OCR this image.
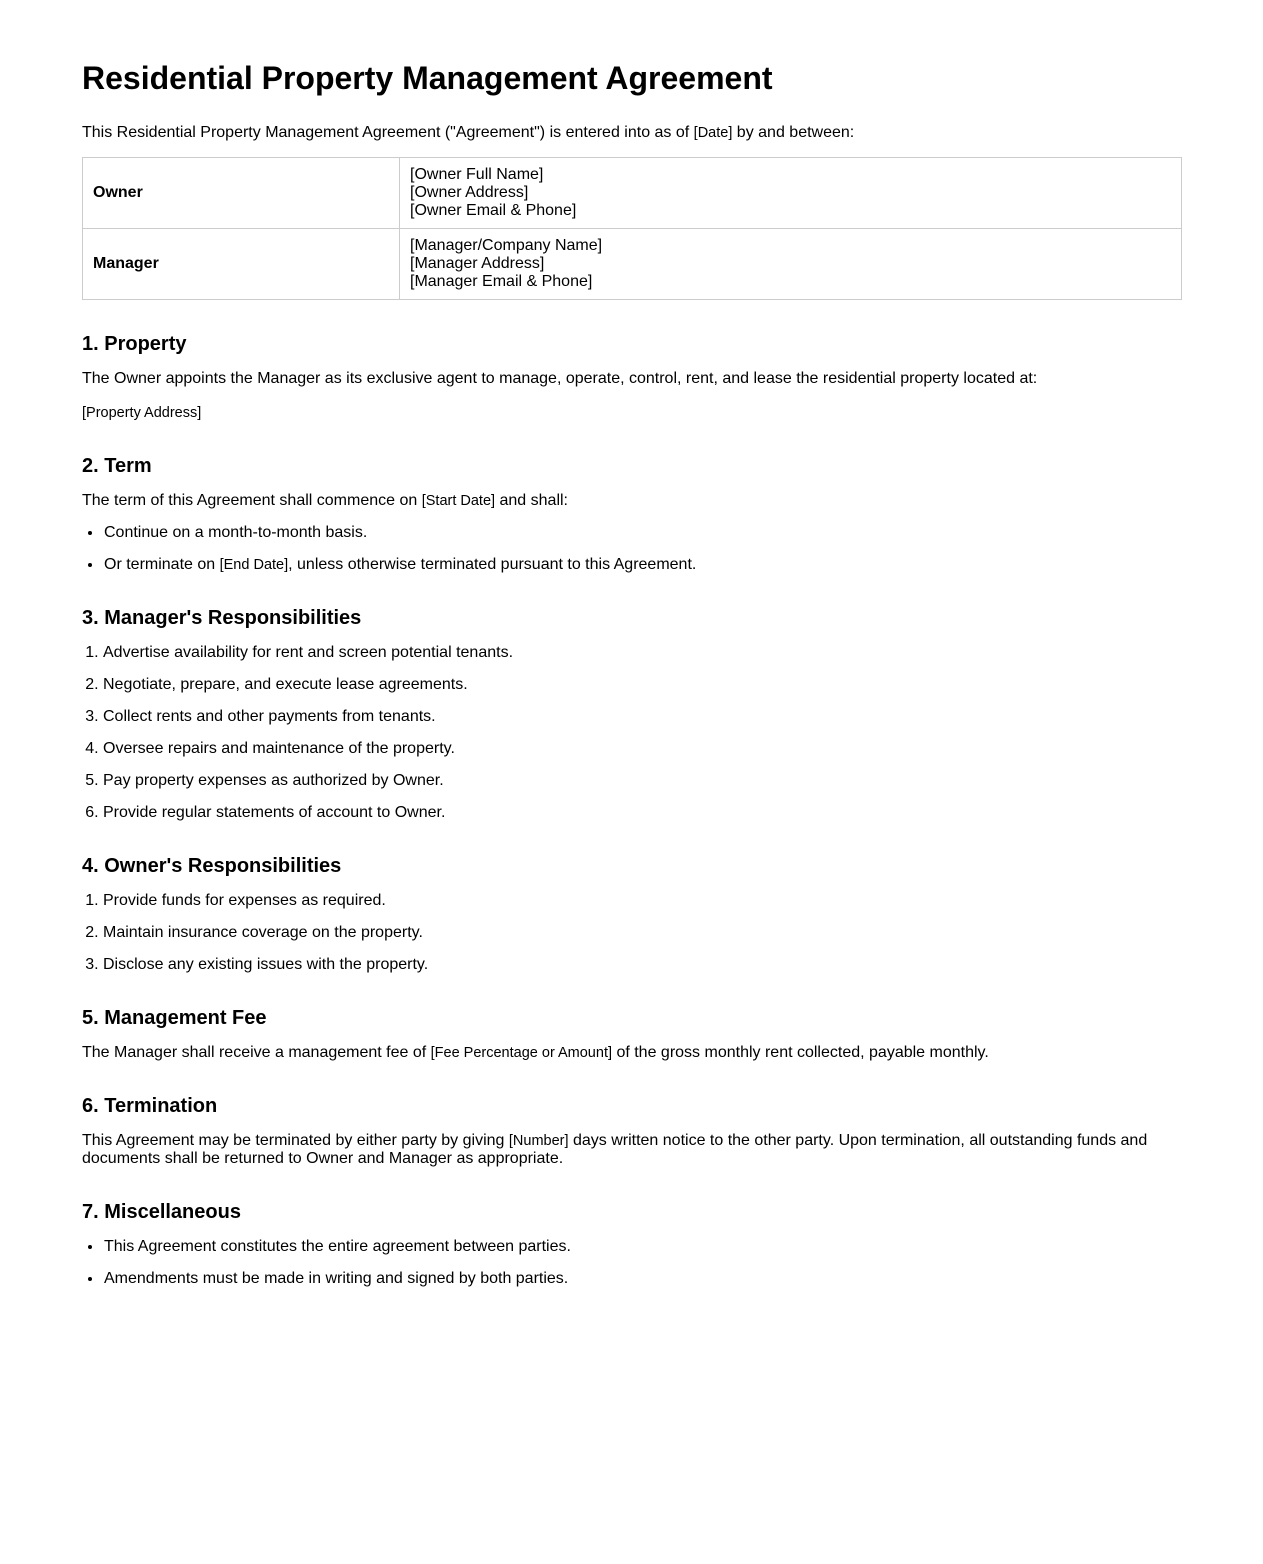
Residential Property Management Agreement

This Residential Property Management Agreement ("Agreement") is entered into as of [Date] by and between:

Owner	[Owner Full Name]
[Owner Address]
[Owner Email & Phone]

Manager	[Manager/Company Name]
[Manager Address]
[Manager Email & Phone]
1. Property

The Owner appoints the Manager as its exclusive agent to manage, operate, control, rent, and lease the residential property located at:

[Property Address]

2. Term

The term of this Agreement shall commence on [Start Date] and shall:

• Continue on a month-to-month basis.
• Or terminate on [End Date], unless otherwise terminated pursuant to this Agreement.
3. Manager's Responsibilities
1. Advertise availability for rent and screen potential tenants.
2. Negotiate, prepare, and execute lease agreements.
3. Collect rents and other payments from tenants.
4. Oversee repairs and maintenance of the property.
5. Pay property expenses as authorized by Owner.
6. Provide regular statements of account to Owner.
4. Owner's Responsibilities
1. Provide funds for expenses as required.
2. Maintain insurance coverage on the property.
3. Disclose any existing issues with the property.
5. Management Fee

The Manager shall receive a management fee of [Fee Percentage or Amount] of the gross monthly rent collected, payable monthly.

6. Termination

This Agreement may be terminated by either party by giving [Number] days written notice to the other party. Upon termination, all outstanding funds and documents shall be returned to Owner and Manager as appropriate.

7. Miscellaneous
• This Agreement constitutes the entire agreement between parties.
• Amendments must be made in writing and signed by both parties.
